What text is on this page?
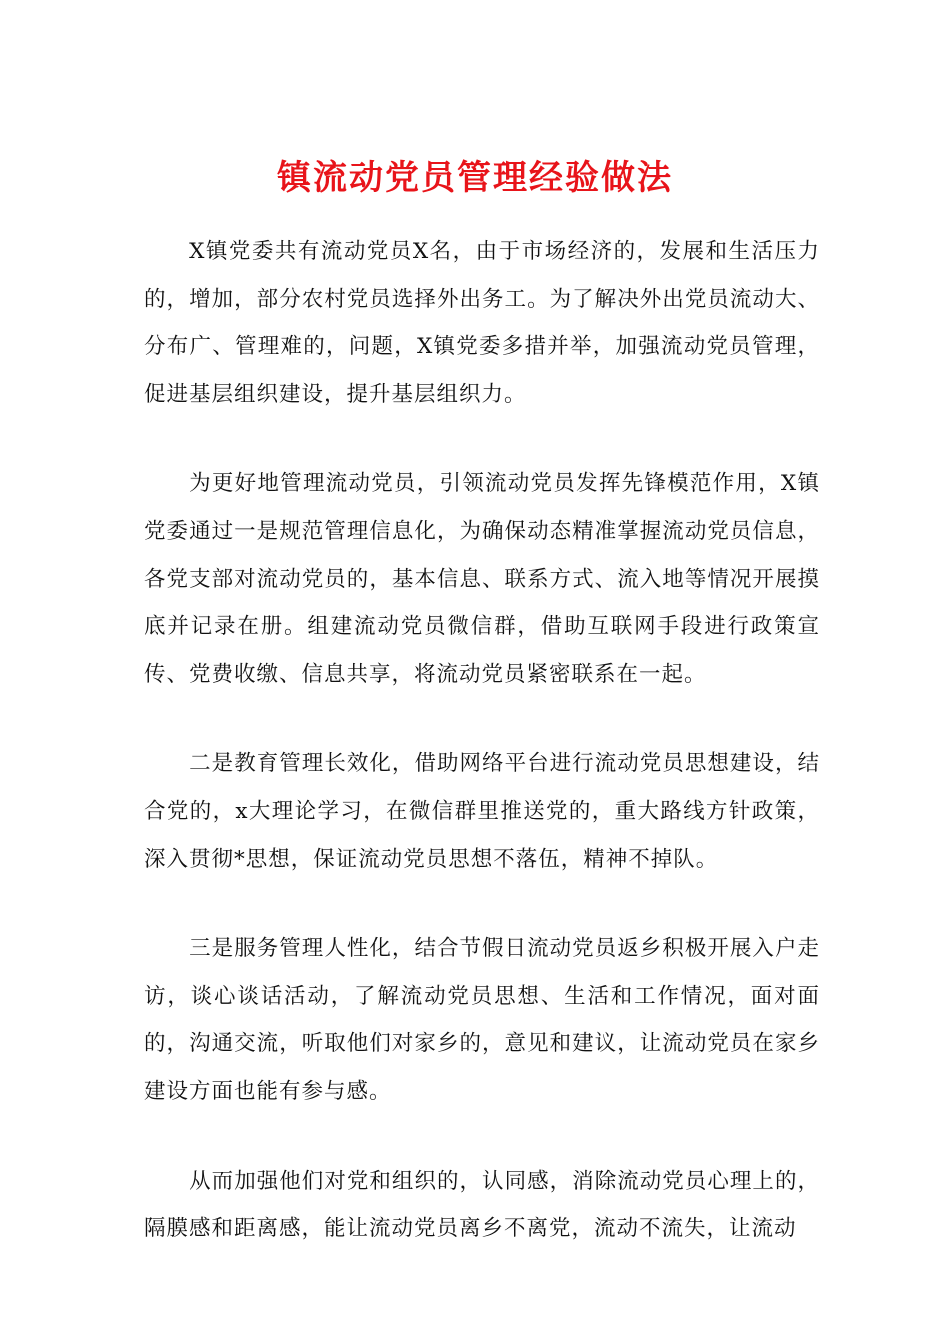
镇流动党员管理经验做法

X镇党委共有流动党员X名，由于市场经济的，发展和生活压力的，增加，部分农村党员选择外出务工。为了解决外出党员流动大、分布广、管理难的，问题，X镇党委多措并举，加强流动党员管理，促进基层组织建设，提升基层组织力。

为更好地管理流动党员，引领流动党员发挥先锋模范作用，X镇党委通过一是规范管理信息化，为确保动态精准掌握流动党员信息，各党支部对流动党员的，基本信息、联系方式、流入地等情况开展摸底并记录在册。组建流动党员微信群，借助互联网手段进行政策宣传、党费收缴、信息共享，将流动党员紧密联系在一起。

二是教育管理长效化，借助网络平台进行流动党员思想建设，结合党的，x大理论学习，在微信群里推送党的，重大路线方针政策，深入贯彻*思想，保证流动党员思想不落伍，精神不掉队。

三是服务管理人性化，结合节假日流动党员返乡积极开展入户走访，谈心谈话活动，了解流动党员思想、生活和工作情况，面对面的，沟通交流，听取他们对家乡的，意见和建议，让流动党员在家乡建设方面也能有参与感。

从而加强他们对党和组织的，认同感，消除流动党员心理上的，隔膜感和距离感，能让流动党员离乡不离党，流动不流失，让流动
